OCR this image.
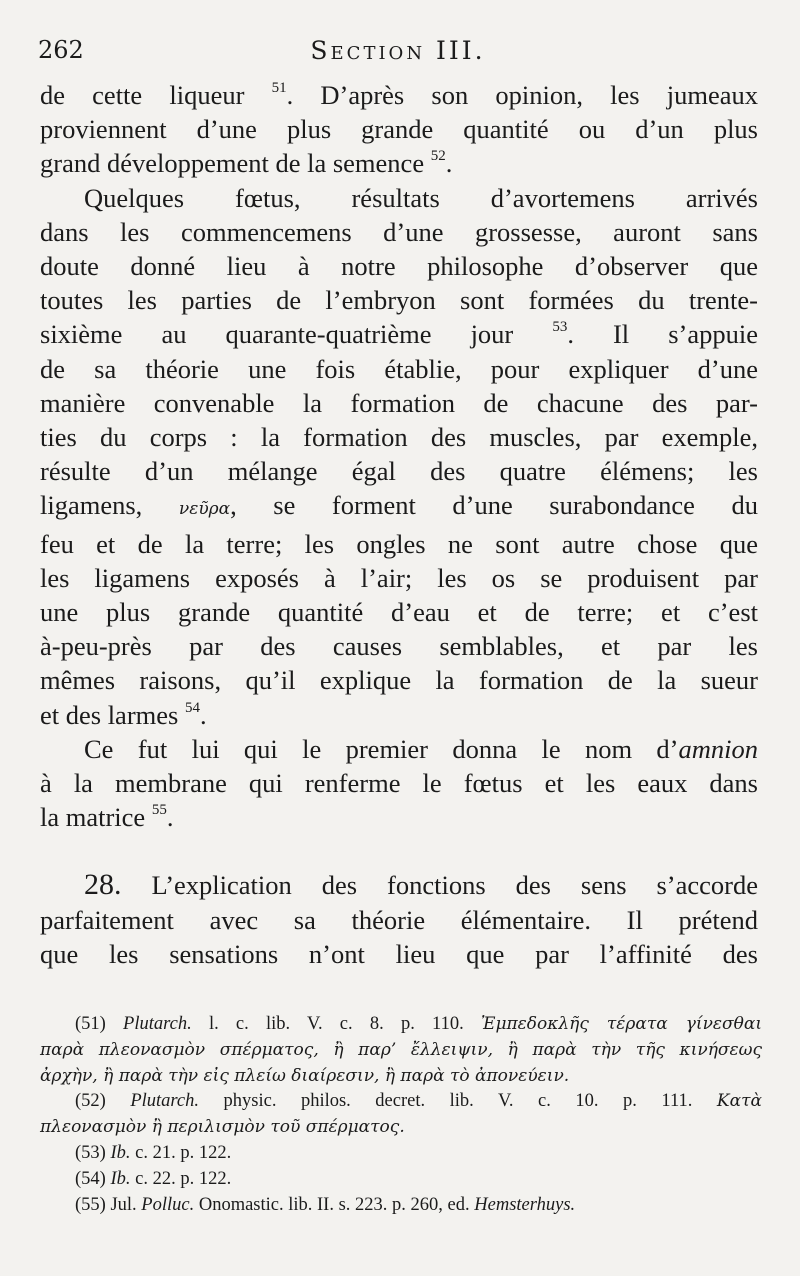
262	Section III.
de cette liqueur $^{51}$. D’après son opinion, les jumeaux
proviennent d’une plus grande quantité ou d’un plus
grand développement de la semence $^{52}$.
Quelques fœtus, résultats d’avortemens arrivés
dans les commencemens d’une grossesse, auront sans
doute donné lieu à notre philosophe d’observer que
toutes les parties de l’embryon sont formées du trente-
sixième au quarante-quatrième jour $^{53}$. Il s’appuie
de sa théorie une fois établie, pour expliquer d’une
manière convenable la formation de chacune des par-
ties du corps : la formation des muscles, par exemple,
résulte d’un mélange égal des quatre élémens; les
ligamens, νεῦρα, se forment d’une surabondance du
feu et de la terre; les ongles ne sont autre chose que
les ligamens exposés à l’air; les os se produisent par
une plus grande quantité d’eau et de terre; et c’est
à-peu-près par des causes semblables, et par les
mêmes raisons, qu’il explique la formation de la sueur
et des larmes $^{54}$.
Ce fut lui qui le premier donna le nom d’amnion
à la membrane qui renferme le fœtus et les eaux dans
la matrice $^{55}$.
28. L’explication des fonctions des sens s’accorde
parfaitement avec sa théorie élémentaire. Il prétend
que les sensations n’ont lieu que par l’affinité des
(51) Plutarch. l. c. lib. V. c. 8. p. 110. Ἐμπεδοκλῆς τέρατα γίνεσθαι
παρὰ πλεονασμὸν σπέρματος, ἢ παρ’ ἔλλειψιν, ἢ παρὰ τὴν τῆς κινήσεως
ἀρχὴν, ἢ παρὰ τὴν εἰς πλείω διαίρεσιν, ἢ παρὰ τὸ ἀπονεύειν.
(52) Plutarch. physic. philos. decret. lib. V. c. 10. p. 111. Κατὰ
πλεονασμὸν ἢ περιλισμὸν τοῦ σπέρματος.
(53) Ib. c. 21. p. 122.
(54) Ib. c. 22. p. 122.
(55) Jul. Polluc. Onomastic. lib. II. s. 223. p. 260, ed. Hemsterhuys.
